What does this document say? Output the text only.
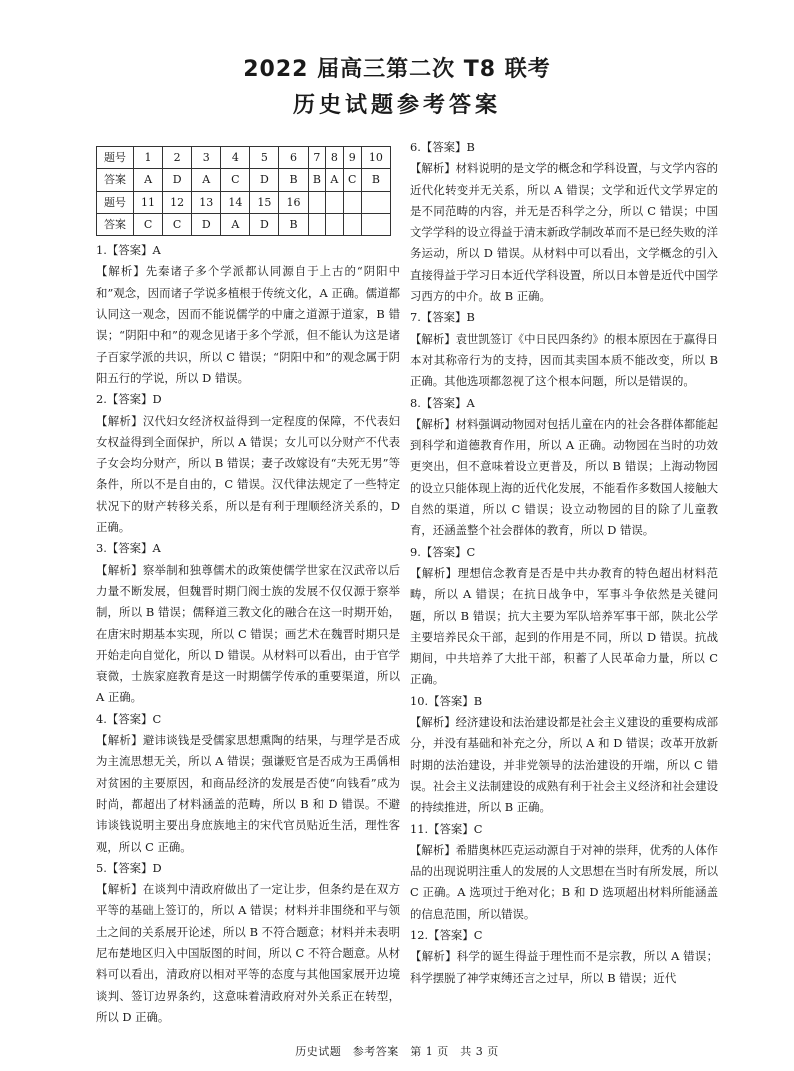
2022 届高三第二次 T8 联考
历史试题参考答案
题号	1	2	3	4	5	6	7	8	9	10
答案	A	D	A	C	D	B	B	A	C	B
题号	11	12	13	14	15	16				
答案	C	C	D	A	D	B				

1.【答案】A

【解析】先秦诸子多个学派都认同源自于上古的“阴阳中和”观念，因而诸子学说多植根于传统文化，A 正确。儒道都认同这一观念，因而不能说儒学的中庸之道源于道家，B 错误；“阴阳中和”的观念见诸于多个学派，但不能认为这是诸子百家学派的共识，所以 C 错误；“阴阳中和”的观念属于阴阳五行的学说，所以 D 错误。

2.【答案】D

【解析】汉代妇女经济权益得到一定程度的保障，不代表妇女权益得到全面保护，所以 A 错误；女儿可以分财产不代表子女会均分财产，所以 B 错误；妻子改嫁设有“夫死无男”等条件，所以不是自由的，C 错误。汉代律法规定了一些特定状况下的财产转移关系，所以是有利于理顺经济关系的，D 正确。

3.【答案】A

【解析】察举制和独尊儒术的政策使儒学世家在汉武帝以后力量不断发展，但魏晋时期门阀士族的发展不仅仅源于察举制，所以 B 错误；儒释道三教文化的融合在这一时期开始，在唐宋时期基本实现，所以 C 错误；画艺术在魏晋时期只是开始走向自觉化，所以 D 错误。从材料可以看出，由于官学衰微，士族家庭教育是这一时期儒学传承的重要渠道，所以 A 正确。

4.【答案】C

【解析】避讳谈钱是受儒家思想熏陶的结果，与理学是否成为主流思想无关，所以 A 错误；强谦贬官是否成为王禹偁相对贫困的主要原因，和商品经济的发展是否使“向钱看”成为时尚，都超出了材料涵盖的范畴，所以 B 和 D 错误。不避讳谈钱说明主要出身庶族地主的宋代官员贴近生活，理性客观，所以 C 正确。

5.【答案】D

【解析】在谈判中清政府做出了一定让步，但条约是在双方平等的基础上签订的，所以 A 错误；材料并非围绕和平与领土之间的关系展开论述，所以 B 不符合题意；材料并未表明尼布楚地区归入中国版图的时间，所以 C 不符合题意。从材料可以看出，清政府以相对平等的态度与其他国家展开边境谈判、签订边界条约，这意味着清政府对外关系正在转型，所以 D 正确。

6.【答案】B

【解析】材料说明的是文学的概念和学科设置，与文学内容的近代化转变并无关系，所以 A 错误；文学和近代文学界定的是不同范畴的内容，并无是否科学之分，所以 C 错误；中国文学学科的设立得益于清末新政学制改革而不是已经失败的洋务运动，所以 D 错误。从材料中可以看出，文学概念的引入直接得益于学习日本近代学科设置，所以日本曾是近代中国学习西方的中介。故 B 正确。

7.【答案】B

【解析】袁世凯签订《中日民四条约》的根本原因在于赢得日本对其称帝行为的支持，因而其卖国本质不能改变，所以 B 正确。其他选项都忽视了这个根本问题，所以是错误的。

8.【答案】A

【解析】材料强调动物园对包括儿童在内的社会各群体都能起到科学和道德教育作用，所以 A 正确。动物园在当时的功效更突出，但不意味着设立更普及，所以 B 错误；上海动物园的设立只能体现上海的近代化发展，不能看作多数国人接触大自然的渠道，所以 C 错误；设立动物园的目的除了儿童教育，还涵盖整个社会群体的教育，所以 D 错误。

9.【答案】C

【解析】理想信念教育是否是中共办教育的特色超出材料范畴，所以 A 错误；在抗日战争中，军事斗争依然是关键问题，所以 B 错误；抗大主要为军队培养军事干部，陕北公学主要培养民众干部，起到的作用是不同，所以 D 错误。抗战期间，中共培养了大批干部，积蓄了人民革命力量，所以 C 正确。

10.【答案】B

【解析】经济建设和法治建设都是社会主义建设的重要构成部分，并没有基础和补充之分，所以 A 和 D 错误；改革开放新时期的法治建设，并非党领导的法治建设的开端，所以 C 错误。社会主义法制建设的成熟有利于社会主义经济和社会建设的持续推进，所以 B 正确。

11.【答案】C

【解析】希腊奥林匹克运动源自于对神的崇拜，优秀的人体作品的出现说明注重人的发展的人文思想在当时有所发展，所以 C 正确。A 选项过于绝对化；B 和 D 选项超出材料所能涵盖的信息范围，所以错误。

12.【答案】C

【解析】科学的诞生得益于理性而不是宗教，所以 A 错误；科学摆脱了神学束缚还言之过早，所以 B 错误；近代

历史试题　参考答案　第 1 页　共 3 页
